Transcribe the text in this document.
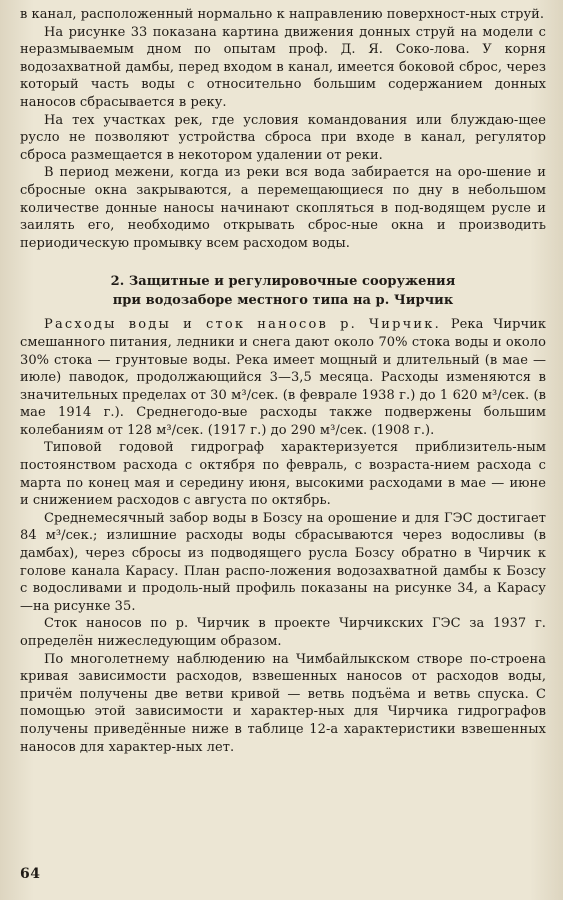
в канал, расположенный нормально к направлению поверхност-ных струй.

На рисунке 33 показана картина движения донных струй на модели с неразмываемым дном по опытам проф. Д. Я. Соко-лова. У корня водозахватной дамбы, перед входом в канал, имеется боковой сброс, через который часть воды с относительно большим содержанием донных наносов сбрасывается в реку.

На тех участках рек, где условия командования или блуждаю-щее русло не позволяют устройства сброса при входе в канал, регулятор сброса размещается в некотором удалении от реки.

В период межени, когда из реки вся вода забирается на оро-шение и сбросные окна закрываются, а перемещающиеся по дну в небольшом количестве донные наносы начинают скопляться в под-водящем русле и заилять его, необходимо открывать сброс-ные окна и производить периодическую промывку всем расходом воды.

2. Защитные и регулировочные сооружения

при водозаборе местного типа на р. Чирчик

Расходы воды и сток наносов р. Чирчик. Река Чирчик смешанного питания, ледники и снега дают около 70% стока воды и около 30% стока — грунтовые воды. Река имеет мощный и длительный (в мае — июле) паводок, продолжающийся 3—3,5 месяца. Расходы изменяются в значительных пределах от 30 м³/сек. (в феврале 1938 г.) до 1 620 м³/сек. (в мае 1914 г.). Среднегодо-вые расходы также подвержены большим колебаниям от 128 м³/сек. (1917 г.) до 290 м³/сек. (1908 г.).

Типовой годовой гидрограф характеризуется приблизитель-ным постоянством расхода с октября по февраль, с возраста-нием расхода с марта по конец мая и середину июня, высокими расходами в мае — июне и снижением расходов с августа по октябрь.

Среднемесячный забор воды в Бозсу на орошение и для ГЭС достигает 84 м³/сек.; излишние расходы воды сбрасываются через водосливы (в дамбах), через сбросы из подводящего русла Бозсу обратно в Чирчик к голове канала Карасу. План распо-ложения водозахватной дамбы к Бозсу с водосливами и продоль-ный профиль показаны на рисунке 34, а Карасу—на рисунке 35.

Сток наносов по р. Чирчик в проекте Чирчикских ГЭС за 1937 г. определён нижеследующим образом.

По многолетнему наблюдению на Чимбайлыкском створе по-строена кривая зависимости расходов, взвешенных наносов от расходов воды, причём получены две ветви кривой — ветвь подъёма и ветвь спуска. С помощью этой зависимости и характер-ных для Чирчика гидрографов получены приведённые ниже в таблице 12-а характеристики взвешенных наносов для характер-ных лет.

64
